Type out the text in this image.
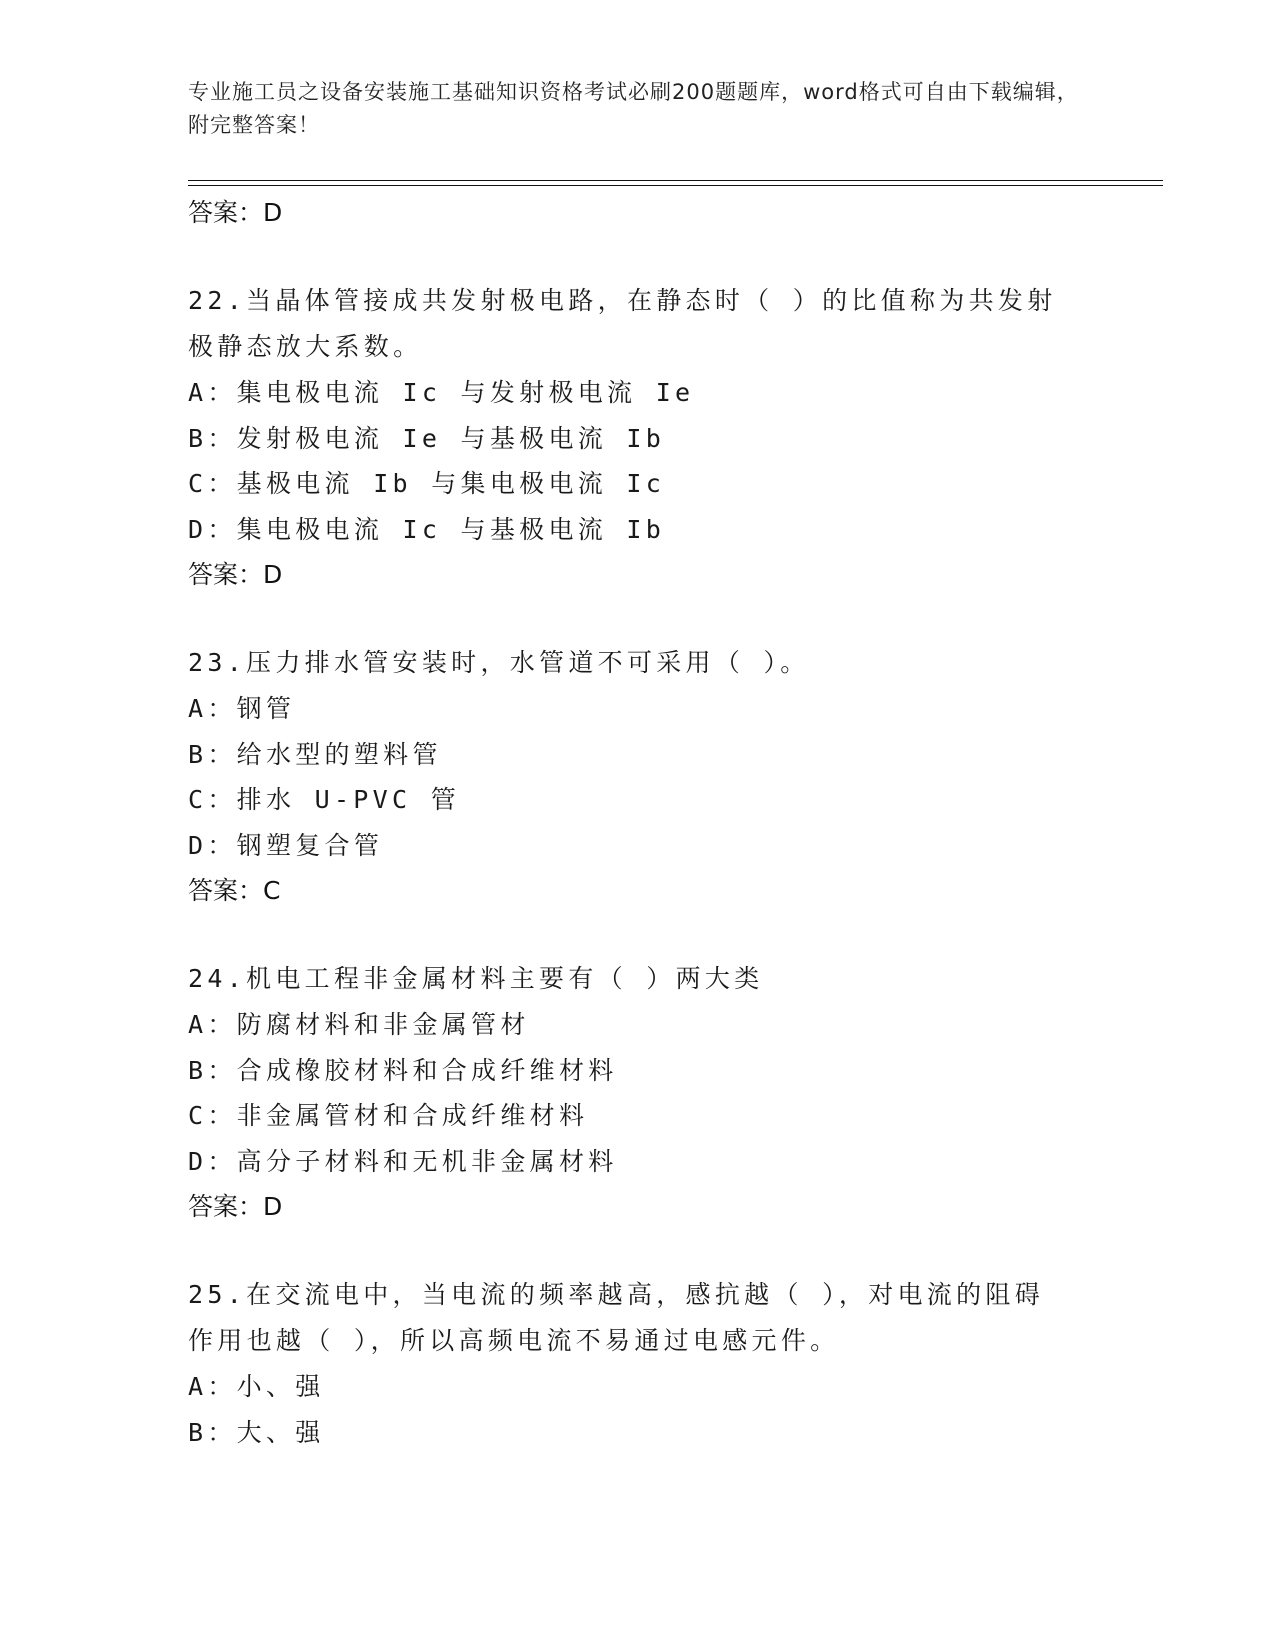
专业施工员之设备安装施工基础知识资格考试必刷200题题库，word格式可自由下载编辑，附完整答案！
答案：D
22.当晶体管接成共发射极电路，在静态时（ ）的比值称为共发射极静态放大系数。
A：集电极电流 Ic 与发射极电流 Ie
B：发射极电流 Ie 与基极电流 Ib
C：基极电流 Ib 与集电极电流 Ic
D：集电极电流 Ic 与基极电流 Ib
答案：D
23.压力排水管安装时，水管道不可采用（ ）。
A：钢管
B：给水型的塑料管
C：排水 U-PVC 管
D：钢塑复合管
答案：C
24.机电工程非金属材料主要有（ ）两大类
A：防腐材料和非金属管材
B：合成橡胶材料和合成纤维材料
C：非金属管材和合成纤维材料
D：高分子材料和无机非金属材料
答案：D
25.在交流电中，当电流的频率越高，感抗越（ ），对电流的阻碍作用也越（ ），所以高频电流不易通过电感元件。
A：小、强
B：大、强
